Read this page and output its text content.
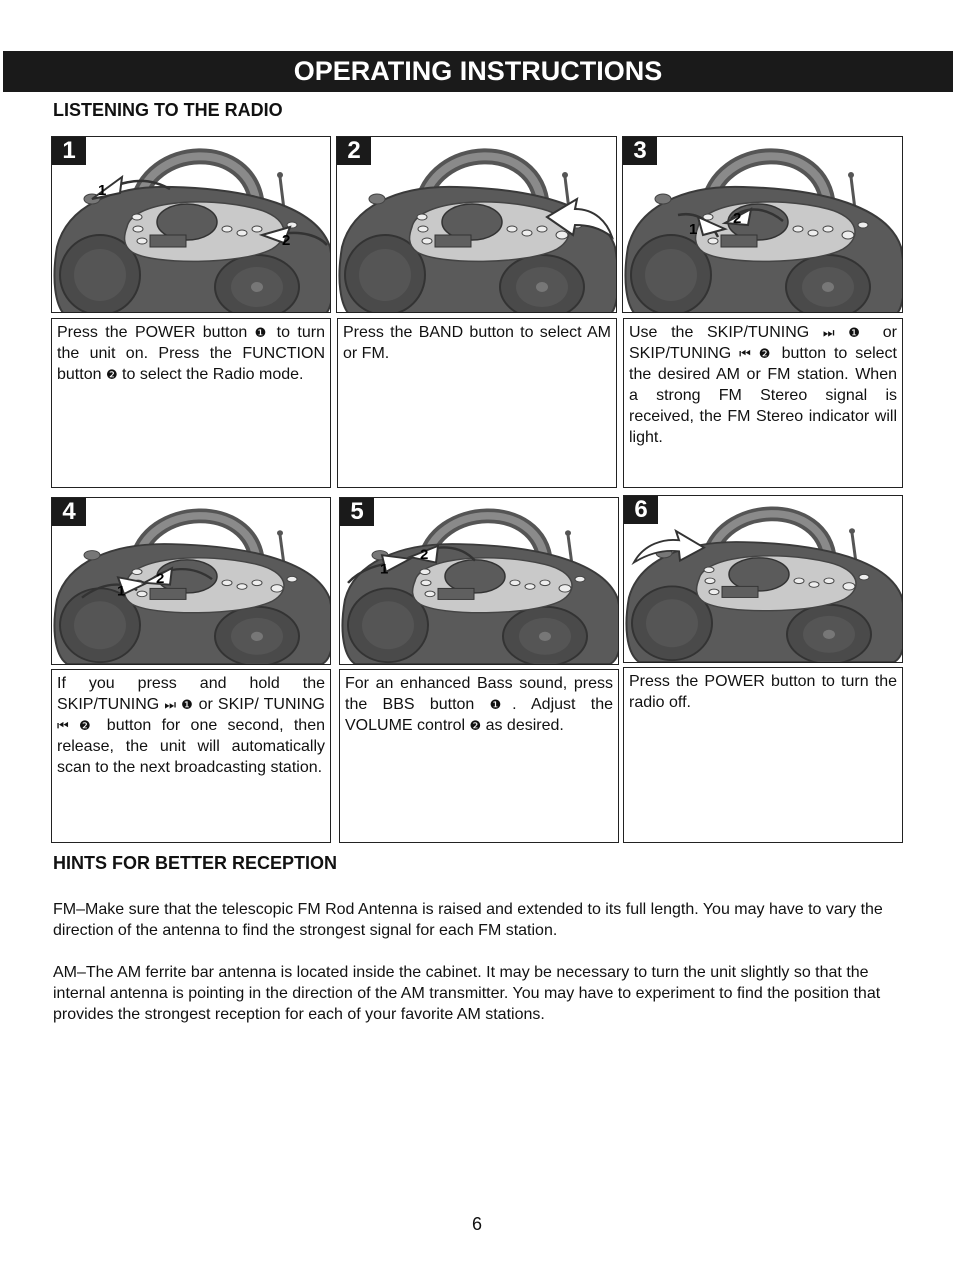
OPERATING INSTRUCTIONS
LISTENING TO THE RADIO
1
2
1	2
1
2
3
Press the POWER button ❶ to turn the unit on. Press the FUNCTION button ❷ to select the Radio mode.
Press the BAND button to select AM or FM.
Use the SKIP/TUNING ⏭ ❶ or SKIP/TUNING ⏮ ❷ button to select the desired AM or FM station. When a strong FM Stereo signal is received, the FM Stereo indicator will light.
1
2
4
1
2
5	6
If you press and hold the SKIP/TUNING ⏭ ❶ or SKIP/ TUNING ⏮ ❷ button for one second, then release, the unit will automatically scan to the next broadcasting station.
For an enhanced Bass sound, press the BBS button ❶. Adjust the VOLUME control ❷ as desired.
Press the POWER button to turn the radio off.
HINTS FOR BETTER RECEPTION
FM–Make sure that the telescopic FM Rod Antenna is raised and extended to its full length. You may have to vary the direction of the antenna to find the strongest signal for each FM station.
AM–The AM ferrite bar antenna is located inside the cabinet. It may be necessary to turn the unit slightly so that the internal antenna is pointing in the direction of the AM transmitter. You may have to experiment to find the position that provides the strongest reception for each of your favorite AM stations.
6
